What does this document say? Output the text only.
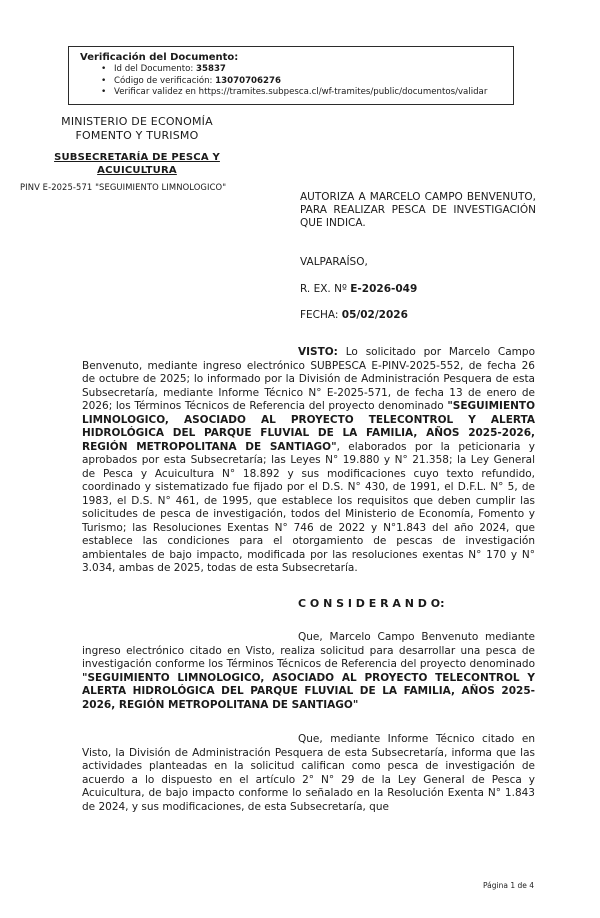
Verificación del Documento:
• Id del Documento: 35837
• Código de verificación: 13070706276
• Verificar validez en https://tramites.subpesca.cl/wf-tramites/public/documentos/validar
MINISTERIO DE ECONOMÍA
FOMENTO Y TURISMO
SUBSECRETARÍA DE PESCA Y
ACUICULTURA
PINV E-2025-571 "SEGUIMIENTO LIMNOLOGICO"
AUTORIZA A MARCELO CAMPO BENVENUTO, PARA REALIZAR PESCA DE INVESTIGACIÓN QUE INDICA.
VALPARAÍSO,
R. EX. Nº E-2026-049
FECHA: 05/02/2026

VISTO: Lo solicitado por Marcelo Campo Benvenuto, mediante ingreso electrónico SUBPESCA E-PINV-2025-552, de fecha 26 de octubre de 2025; lo informado por la División de Administración Pesquera de esta Subsecretaría, mediante Informe Técnico N° E-2025-571, de fecha 13 de enero de 2026; los Términos Técnicos de Referencia del proyecto denominado "SEGUIMIENTO LIMNOLOGICO, ASOCIADO AL PROYECTO TELECONTROL Y ALERTA HIDROLÓGICA DEL PARQUE FLUVIAL DE LA FAMILIA, AÑOS 2025-2026, REGIÓN METROPOLITANA DE SANTIAGO", elaborados por la peticionaria y aprobados por esta Subsecretaría; las Leyes N° 19.880 y N° 21.358; la Ley General de Pesca y Acuicultura N° 18.892 y sus modificaciones cuyo texto refundido, coordinado y sistematizado fue fijado por el D.S. N° 430, de 1991, el D.F.L. N° 5, de 1983, el D.S. N° 461, de 1995, que establece los requisitos que deben cumplir las solicitudes de pesca de investigación, todos del Ministerio de Economía, Fomento y Turismo; las Resoluciones Exentas N° 746 de 2022 y N°1.843 del año 2024, que establece las condiciones para el otorgamiento de pescas de investigación ambientales de bajo impacto, modificada por las resoluciones exentas N° 170 y N° 3.034, ambas de 2025, todas de esta Subsecretaría.

C O N S I D E R A N D O:

Que, Marcelo Campo Benvenuto mediante ingreso electrónico citado en Visto, realiza solicitud para desarrollar una pesca de investigación conforme los Términos Técnicos de Referencia del proyecto denominado "SEGUIMIENTO LIMNOLOGICO, ASOCIADO AL PROYECTO TELECONTROL Y ALERTA HIDROLÓGICA DEL PARQUE FLUVIAL DE LA FAMILIA, AÑOS 2025-2026, REGIÓN METROPOLITANA DE SANTIAGO"

Que, mediante Informe Técnico citado en Visto, la División de Administración Pesquera de esta Subsecretaría, informa que las actividades planteadas en la solicitud califican como pesca de investigación de acuerdo a lo dispuesto en el artículo 2° N° 29 de la Ley General de Pesca y Acuicultura, de bajo impacto conforme lo señalado en la Resolución Exenta N° 1.843 de 2024, y sus modificaciones, de esta Subsecretaría, que

Página 1 de 4
